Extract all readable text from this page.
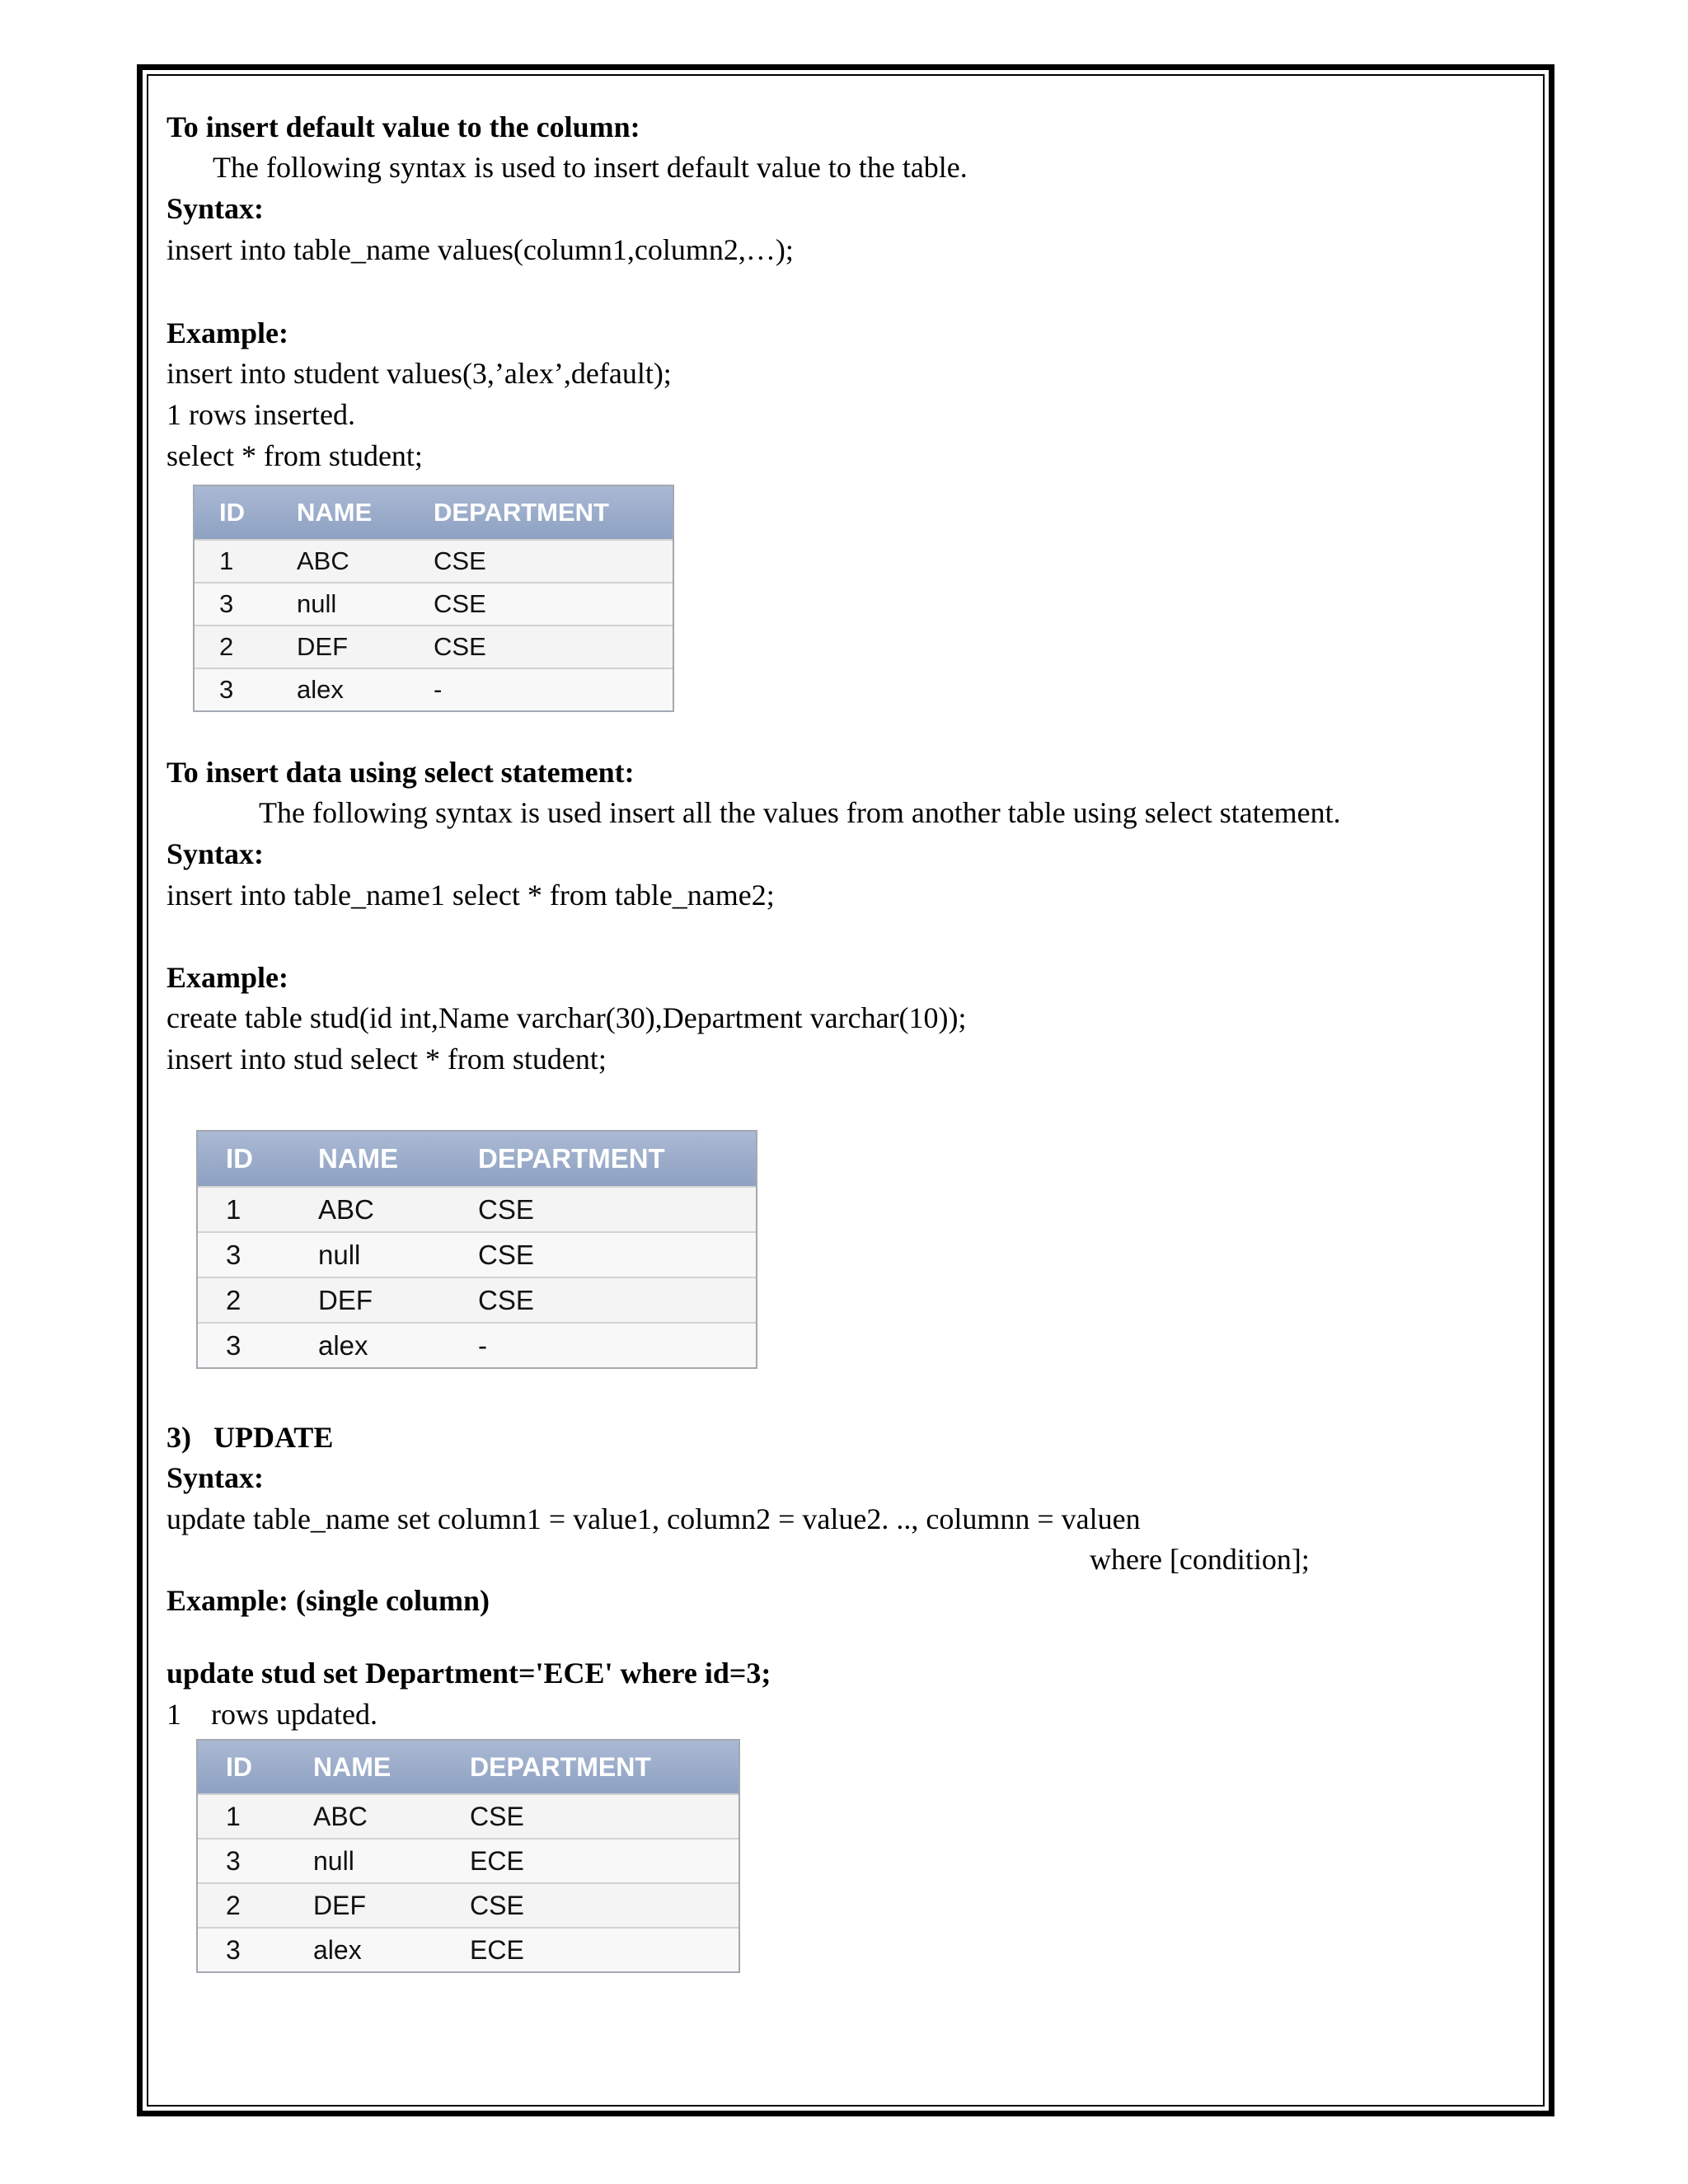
To insert default value to the column:
The following syntax is used to insert default value to the table.
Syntax:
insert into table_name values(column1,column2,…);
Example:
insert into student values(3,’alex’,default);
1 rows inserted.
select * from student;
ID NAME DEPARTMENT
1 ABC	CSE
3 null	CSE
2 DEF	CSE
3 alex	-
To insert data using select statement:
The following syntax is used insert all the values from another table using select statement.
Syntax:
insert into table_name1 select * from table_name2;
Example:
create table stud(id int,Name varchar(30),Department varchar(10));
insert into stud select * from student;
ID NAME	DEPARTMENT
1	ABC	CSE
3	null	CSE
2	DEF	CSE
3	alex	-
3)   UPDATE
Syntax:
update table_name set column1 = value1, column2 = value2. .., columnn = valuen
where [condition];
Example: (single column)
update stud set Department='ECE' where id=3;
1 rows updated.
ID NAME	DEPARTMENT
1	ABC	CSE
3	null	ECE
2	DEF	CSE
3	alex	ECE
